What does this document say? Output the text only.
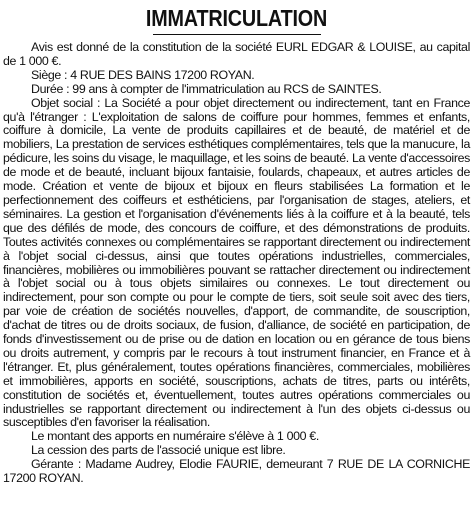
IMMATRICULATION

Avis est donné de la constitution de la société EURL EDGAR & LOUISE, au capital de 1 000 €.

Siège : 4 RUE DES BAINS 17200 ROYAN.

Durée : 99 ans à compter de l'immatriculation au RCS de SAINTES.

Objet social : La Société a pour objet directement ou indirectement, tant en France qu'à l'étranger : L'exploitation de salons de coiffure pour hommes, femmes et enfants, coiffure à domicile, La vente de produits capillaires et de beauté, de matériel et de mobiliers, La prestation de services esthétiques complémentaires, tels que la manucure, la pédicure, les soins du visage, le maquillage, et les soins de beauté. La vente d'accessoires de mode et de beauté, incluant bijoux fantaisie, foulards, chapeaux, et autres articles de mode. Création et vente de bijoux et bijoux en fleurs stabilisées La formation et le perfectionnement des coiffeurs et esthéticiens, par l'organisation de stages, ateliers, et séminaires. La gestion et l'organisation d'événements liés à la coiffure et à la beauté, tels que des défilés de mode, des concours de coiffure, et des démonstrations de produits. Toutes activités connexes ou complémentaires se rapportant directement ou indirectement à l'objet social ci-dessus, ainsi que toutes opérations industrielles, commerciales, financières, mobilières ou immobilières pouvant se rattacher directement ou indirectement à l'objet social ou à tous objets similaires ou connexes. Le tout directement ou indirectement, pour son compte ou pour le compte de tiers, soit seule soit avec des tiers, par voie de création de sociétés nouvelles, d'apport, de commandite, de souscription, d'achat de titres ou de droits sociaux, de fusion, d'alliance, de société en participation, de fonds d'investissement ou de prise ou de dation en location ou en gérance de tous biens ou droits autrement, y compris par le recours à tout instrument financier, en France et à l'étranger. Et, plus généralement, toutes opérations financières, commerciales, mobilières et immobilières, apports en société, souscriptions, achats de titres, parts ou intérêts, constitution de sociétés et, éventuellement, toutes autres opérations commerciales ou industrielles se rapportant directement ou indirectement à l'un des objets ci-dessus ou susceptibles d'en favoriser la réalisation.

Le montant des apports en numéraire s'élève à 1 000 €.

La cession des parts de l'associé unique est libre.

Gérante : Madame Audrey, Elodie FAURIE, demeurant 7 RUE DE LA CORNICHE 17200 ROYAN.
